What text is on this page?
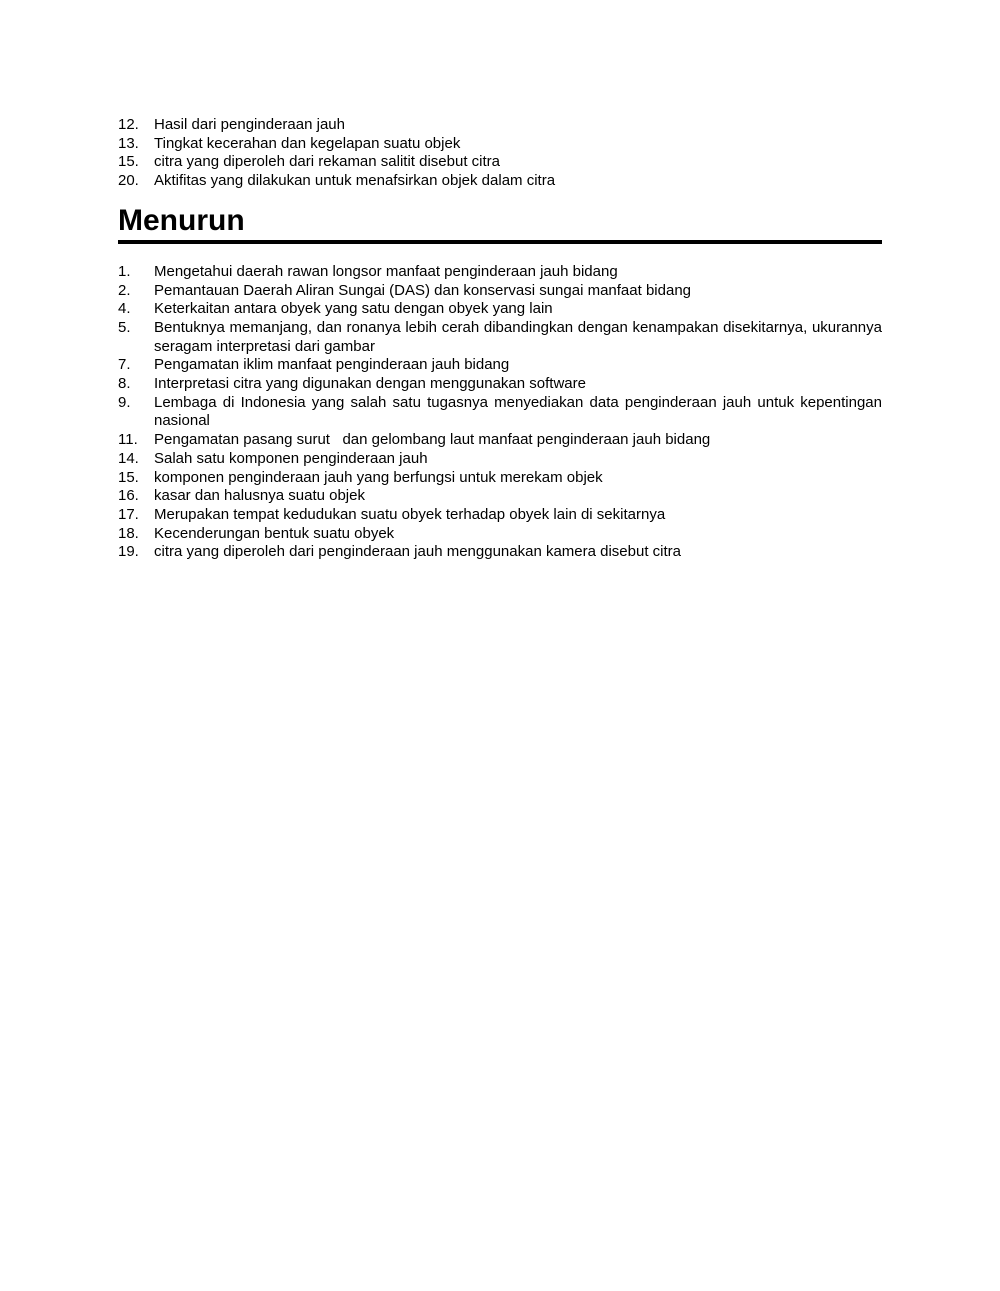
12.	Hasil dari penginderaan jauh
13.	Tingkat kecerahan dan kegelapan suatu objek
15.	citra yang diperoleh dari rekaman salitit disebut citra
20.	Aktifitas yang dilakukan untuk menafsirkan objek dalam citra
Menurun
1.	Mengetahui daerah rawan longsor manfaat penginderaan jauh bidang
2.	Pemantauan Daerah Aliran Sungai (DAS) dan konservasi sungai manfaat bidang
4.	Keterkaitan antara obyek yang satu dengan obyek yang lain
5.	Bentuknya memanjang, dan ronanya lebih cerah dibandingkan dengan kenampakan disekitarnya, ukurannya seragam interpretasi dari gambar
7.	Pengamatan iklim manfaat penginderaan jauh bidang
8.	Interpretasi citra yang digunakan dengan menggunakan software
9.	Lembaga di Indonesia yang salah satu tugasnya menyediakan data penginderaan jauh untuk kepentingan nasional
11.	Pengamatan pasang surut   dan gelombang laut manfaat penginderaan jauh bidang
14.	Salah satu komponen penginderaan jauh
15.	komponen penginderaan jauh yang berfungsi untuk merekam objek
16.	kasar dan halusnya suatu objek
17.	Merupakan tempat kedudukan suatu obyek terhadap obyek lain di sekitarnya
18.	Kecenderungan bentuk suatu obyek
19.	citra yang diperoleh dari penginderaan jauh menggunakan kamera disebut citra
